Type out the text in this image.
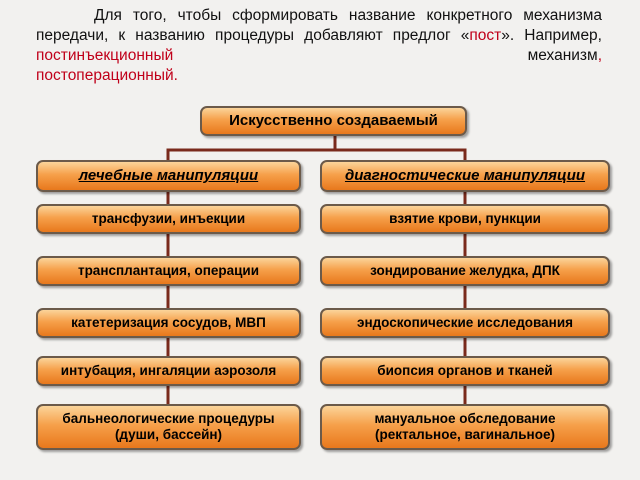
Для того, чтобы сформировать название конкретного механизма передачи, к названию процедуры добавляют предлог «пост». Например, постинъекционный	механизм,
постоперационный.
Искусственно создаваемый
лечебные манипуляции	диагностические манипуляции
трансфузии, инъекции
трансплантация, операции
катетеризация сосудов, МВП
интубация, ингаляции аэрозоля
бальнеологические процедуры
(души, бассейн)
взятие крови, пункции
зондирование желудка, ДПК
эндоскопические исследования
биопсия органов и тканей
мануальное обследование
(ректальное, вагинальное)
